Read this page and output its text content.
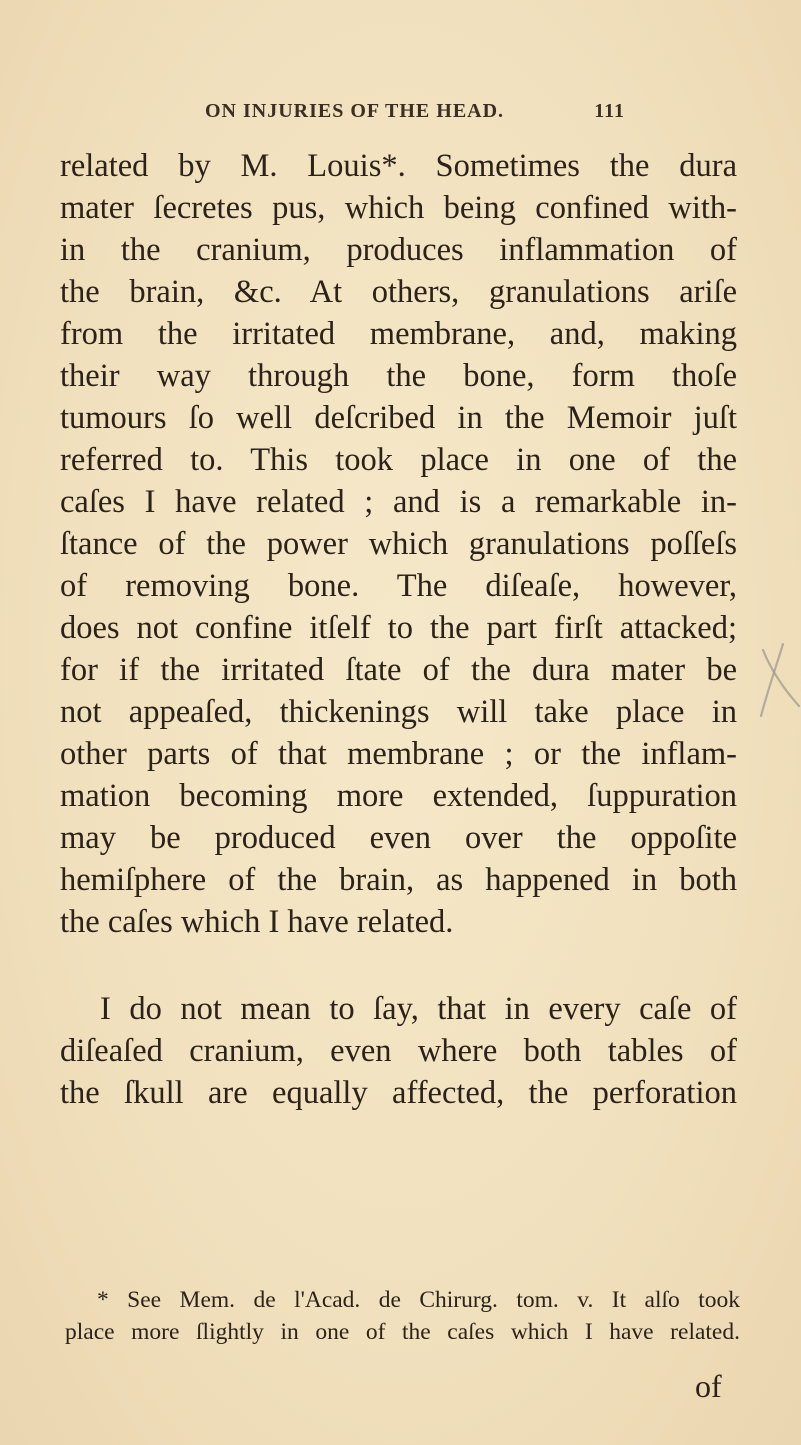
ON INJURIES OF THE HEAD.	111
related by M. Louis*. Sometimes the dura
mater ſecretes pus, which being confined with-
in the cranium, produces inflammation of
the brain, &c. At others, granulations ariſe
from the irritated membrane, and, making
their way through the bone, form thoſe
tumours ſo well deſcribed in the Memoir juſt
referred to. This took place in one of the
caſes I have related ; and is a remarkable in-
ſtance of the power which granulations poſſeſs
of removing bone. The diſeaſe, however,
does not confine itſelf to the part firſt attacked;
for if the irritated ſtate of the dura mater be
not appeaſed, thickenings will take place in
other parts of that membrane ; or the inflam-
mation becoming more extended, ſuppuration
may be produced even over the oppoſite
hemiſphere of the brain, as happened in both
the caſes which I have related.
I do not mean to ſay, that in every caſe of
diſeaſed cranium, even where both tables of
the ſkull are equally affected, the perforation
* See Mem. de l'Acad. de Chirurg. tom. v. It alſo took
place more ſlightly in one of the caſes which I have related.
of
